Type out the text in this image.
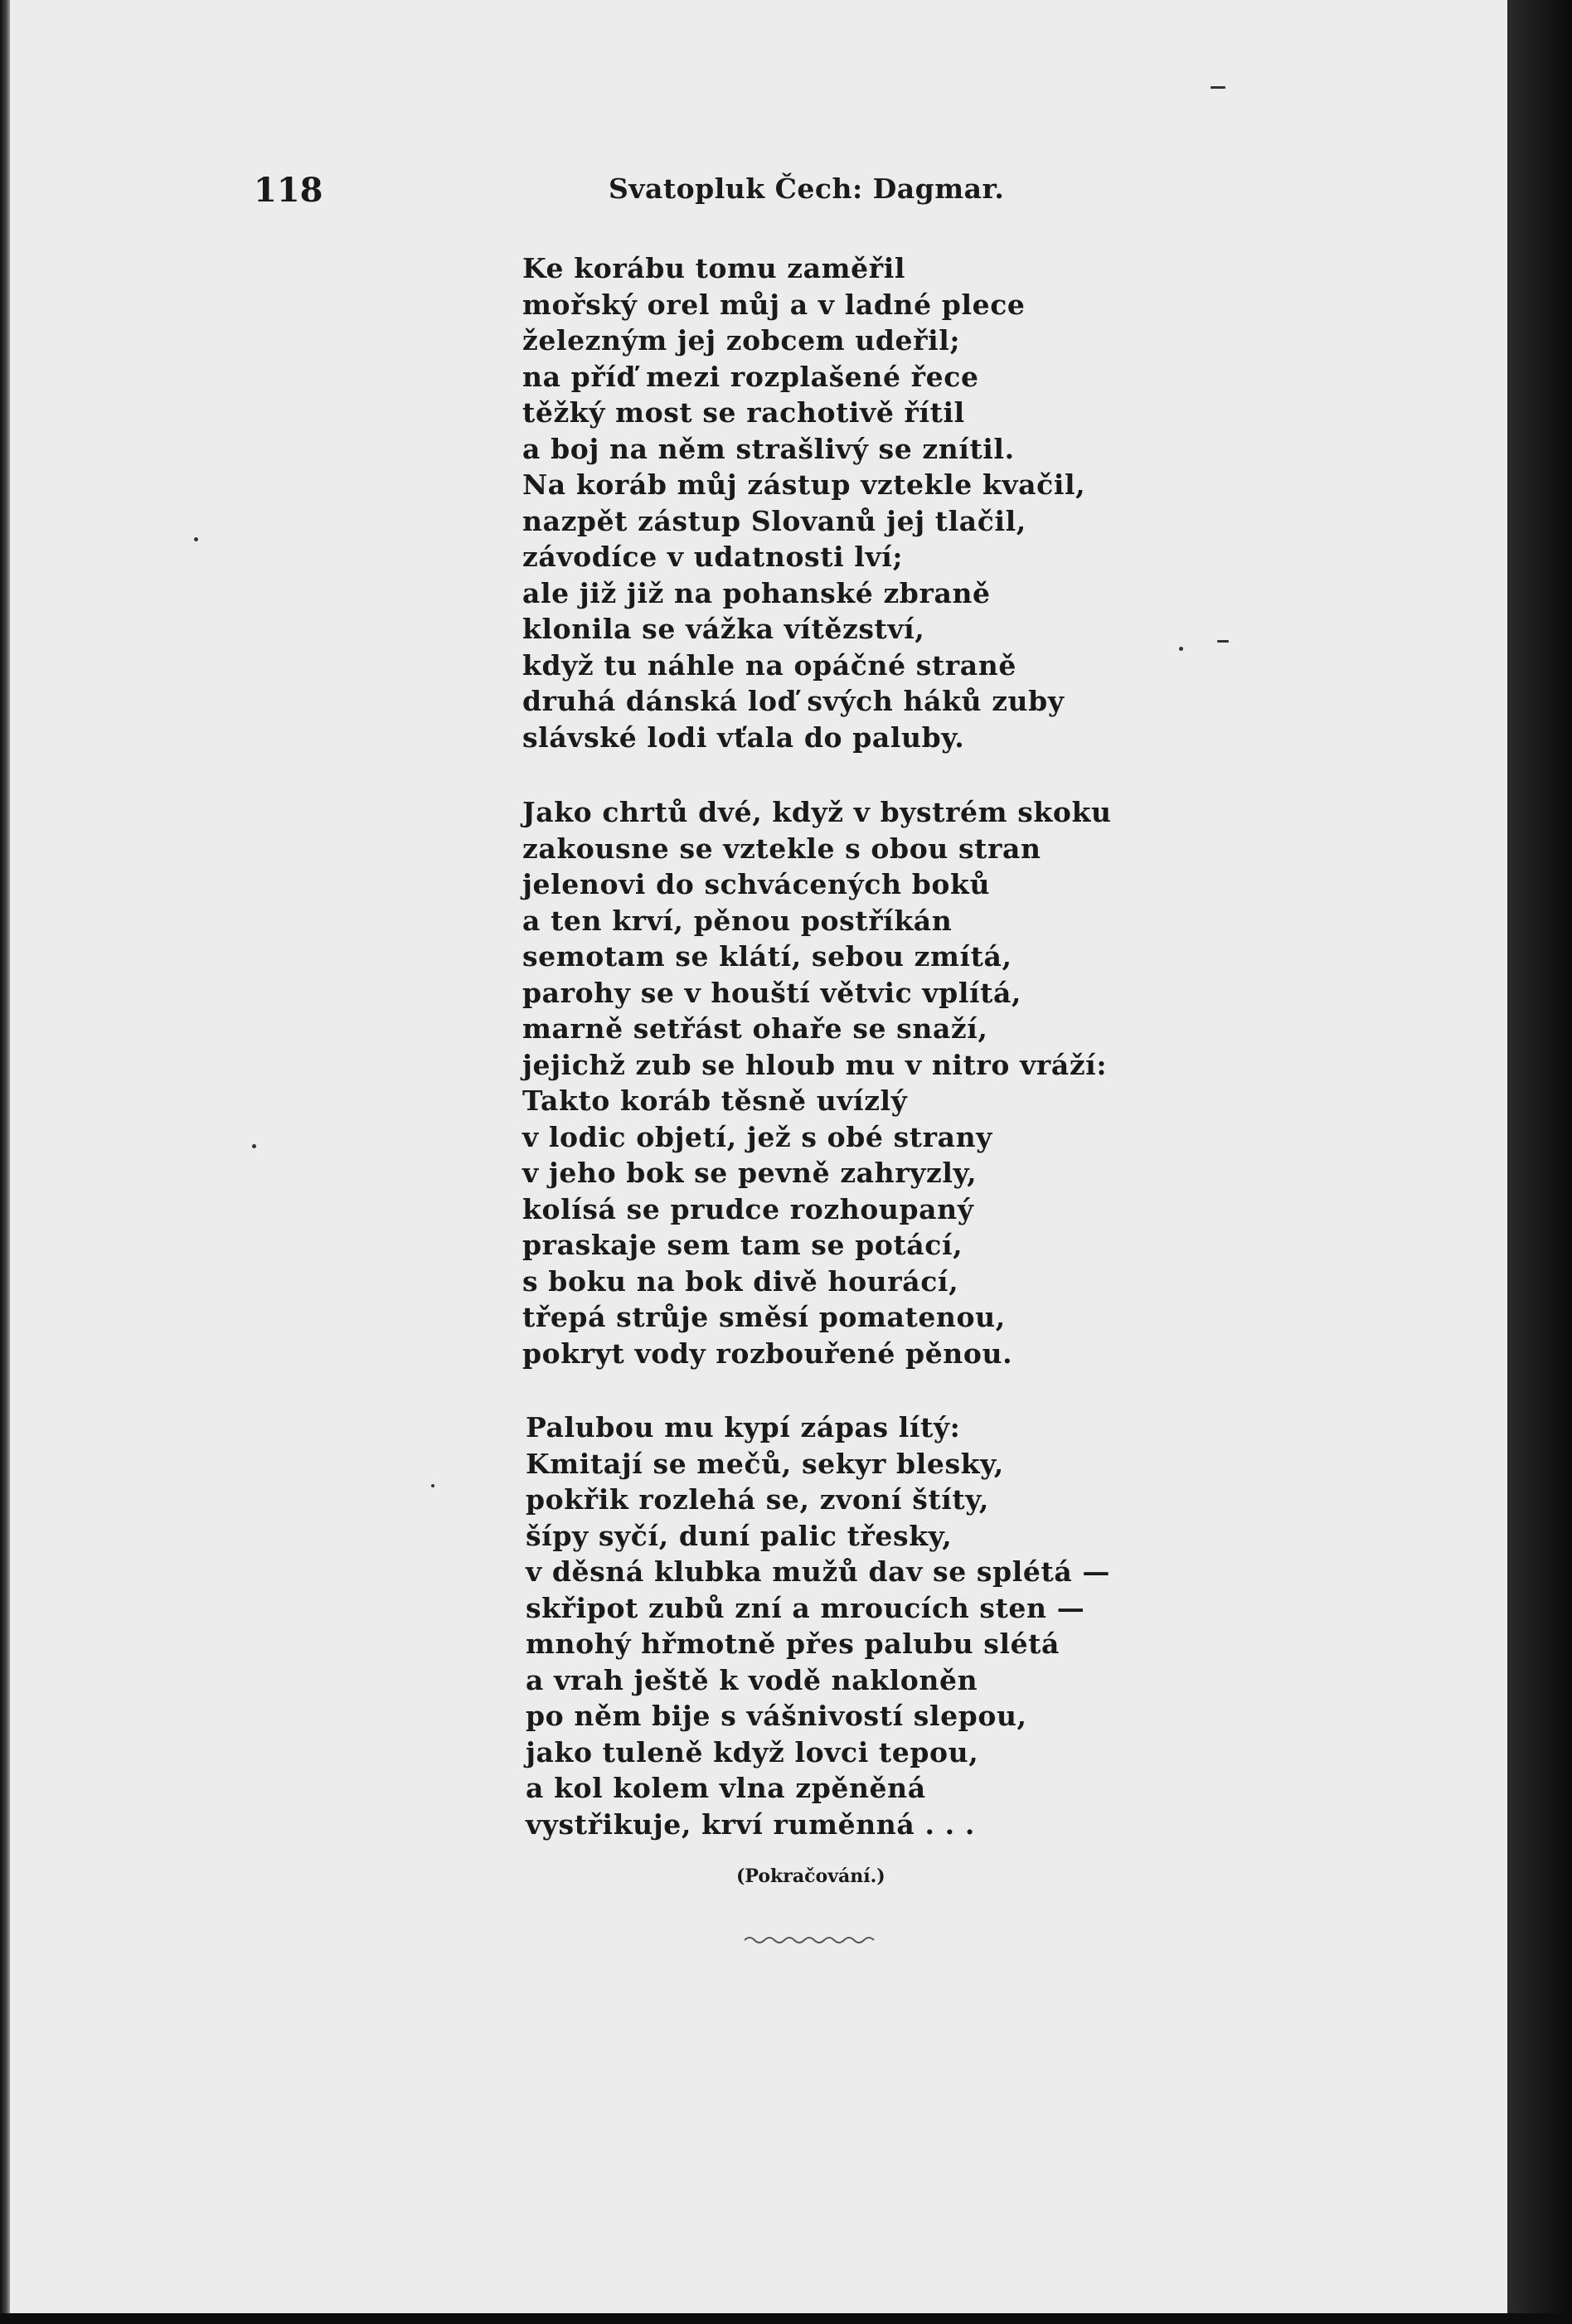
118	Svatopluk Čech: Dagmar.
Ke korábu tomu zaměřil
mořský orel můj a v ladné plece
železným jej zobcem udeřil;
na příď mezi rozplašené řece
těžký most se rachotivě řítil
a boj na něm strašlivý se znítil.
Na koráb můj zástup vztekle kvačil,
nazpět zástup Slovanů jej tlačil,
závodíce v udatnosti lví;
ale již již na pohanské zbraně
klonila se vážka vítězství,
když tu náhle na opáčné straně
druhá dánská loď svých háků zuby
slávské lodi vťala do paluby.
Jako chrtů dvé, když v bystrém skoku
zakousne se vztekle s obou stran
jelenovi do schvácených boků
a ten krví, pěnou postříkán
semotam se klátí, sebou zmítá,
parohy se v houští větvic vplítá,
marně setřást ohaře se snaží,
jejichž zub se hloub mu v nitro vráží:
Takto koráb těsně uvízlý
v lodic objetí, jež s obé strany
v jeho bok se pevně zahryzly,
kolísá se prudce rozhoupaný
praskaje sem tam se potácí,
s boku na bok divě hourácí,
třepá strůje směsí pomatenou,
pokryt vody rozbouřené pěnou.
Palubou mu kypí zápas lítý:
Kmitají se mečů, sekyr blesky,
pokřik rozlehá se, zvoní štíty,
šípy syčí, duní palic třesky,
v děsná klubka mužů dav se splétá —
skřipot zubů zní a mroucích sten —
mnohý hřmotně přes palubu slétá
a vrah ještě k vodě nakloněn
po něm bije s vášnivostí slepou,
jako tuleně když lovci tepou,
a kol kolem vlna zpěněná
vystřikuje, krví ruměnná . . .
(Pokračování.)
